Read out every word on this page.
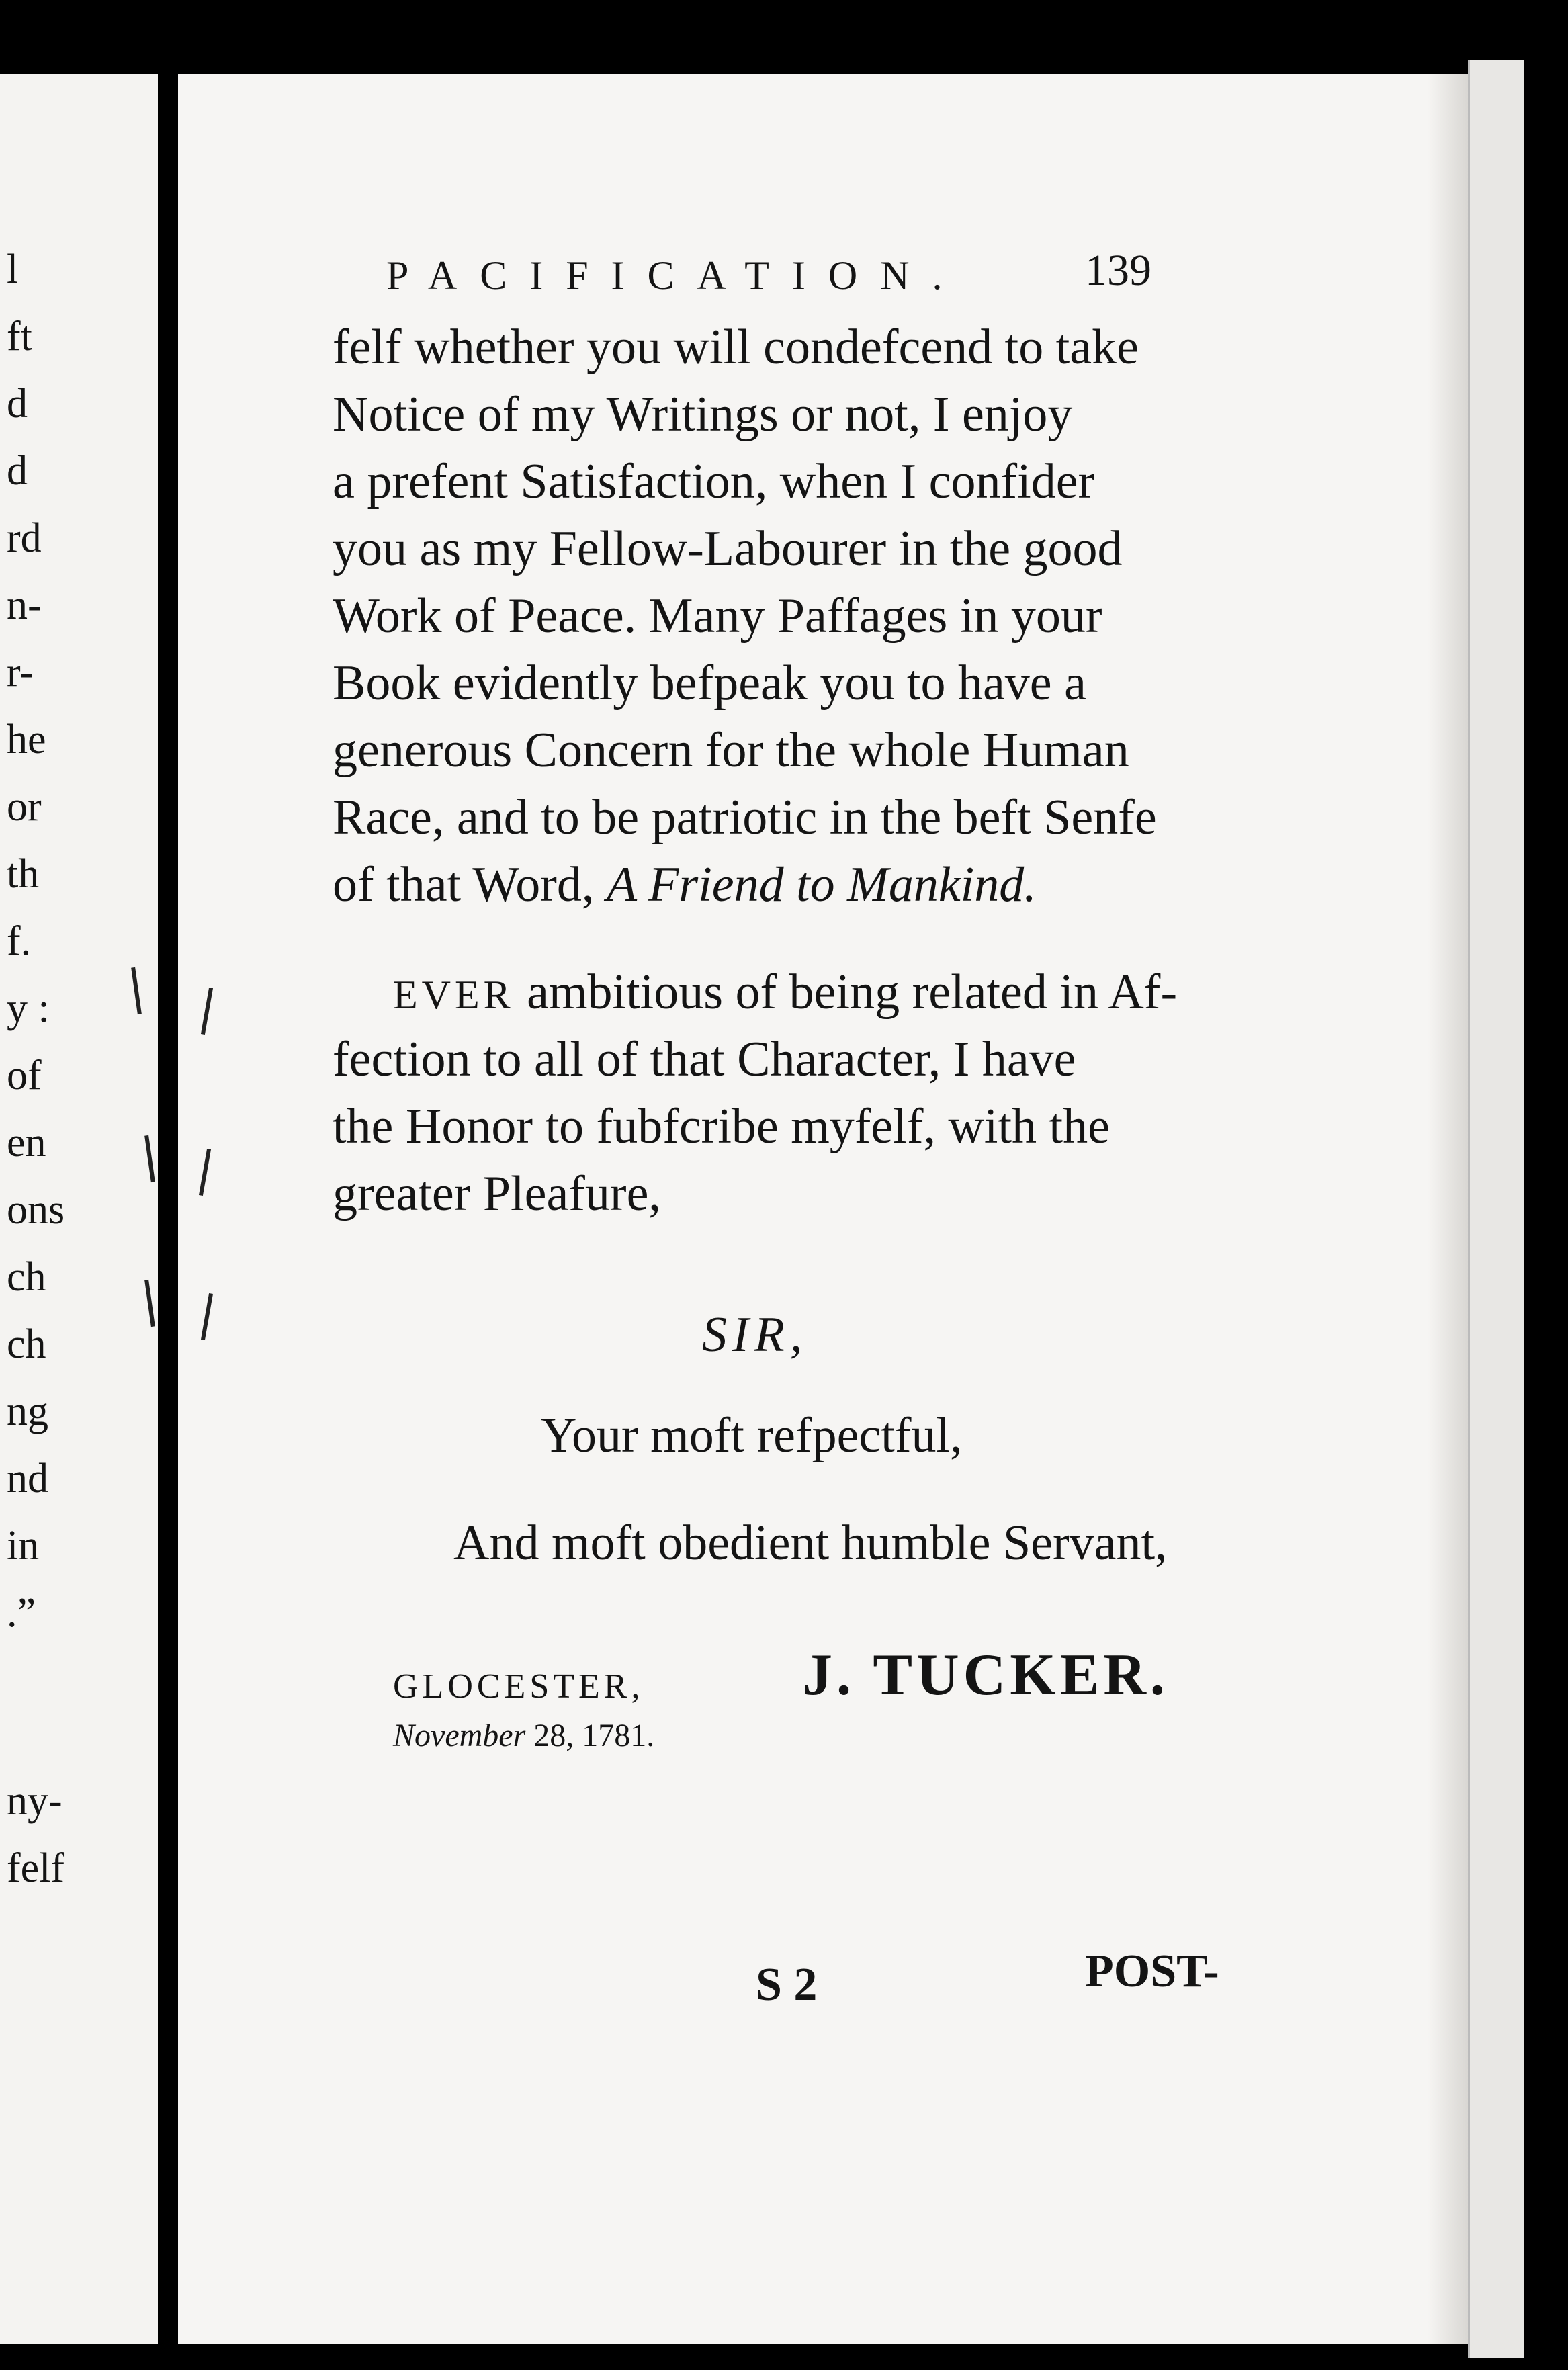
l
ft
d
d
rd
n-
r-
he
or
th
f.
y :
of
en
ons
ch
ch
ng
nd
in
.”
ny-
felf

PACIFICATION.	139
felf whether you will condefcend to take
Notice of my Writings or not, I enjoy
a prefent Satisfaction, when I confider
you as my Fellow-Labourer in the good
Work of Peace. Many Paffages in your
Book evidently befpeak you to have a
generous Concern for the whole Human
Race, and to be patriotic in the beft Senfe
of that Word, A Friend to Mankind.
EVER ambitious of being related in Af-
fection to all of that Character, I have
the Honor to fubfcribe myfelf, with the
greater Pleafure,
SIR,
Your moft refpectful,
And moft obedient humble Servant,
GLOCESTER,
November 28, 1781.
J. TUCKER.
S 2	POST-
